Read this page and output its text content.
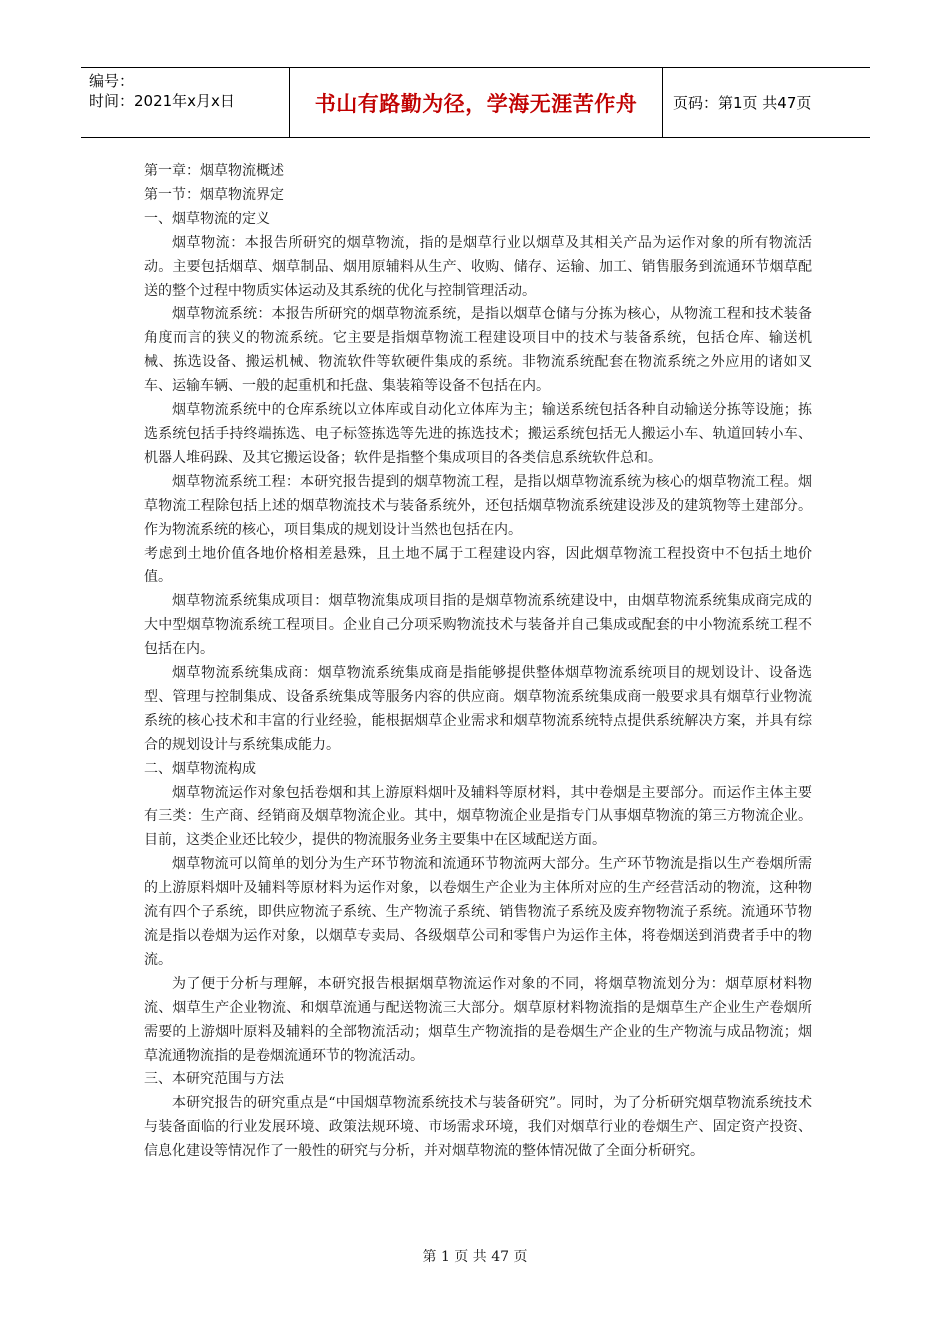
编号：
时间：2021年x月x日	书山有路勤为径，学海无涯苦作舟	页码：第1页 共47页

第一章：烟草物流概述

第一节：烟草物流界定

一、烟草物流的定义

烟草物流：本报告所研究的烟草物流，指的是烟草行业以烟草及其相关产品为运作对象的所有物流活动。主要包括烟草、烟草制品、烟用原辅料从生产、收购、储存、运输、加工、销售服务到流通环节烟草配送的整个过程中物质实体运动及其系统的优化与控制管理活动。

烟草物流系统：本报告所研究的烟草物流系统，是指以烟草仓储与分拣为核心，从物流工程和技术装备角度而言的狭义的物流系统。它主要是指烟草物流工程建设项目中的技术与装备系统，包括仓库、输送机械、拣选设备、搬运机械、物流软件等软硬件集成的系统。非物流系统配套在物流系统之外应用的诸如叉车、运输车辆、一般的起重机和托盘、集装箱等设备不包括在内。

烟草物流系统中的仓库系统以立体库或自动化立体库为主；输送系统包括各种自动输送分拣等设施；拣选系统包括手持终端拣选、电子标签拣选等先进的拣选技术；搬运系统包括无人搬运小车、轨道回转小车、机器人堆码跺、及其它搬运设备；软件是指整个集成项目的各类信息系统软件总和。

烟草物流系统工程：本研究报告提到的烟草物流工程，是指以烟草物流系统为核心的烟草物流工程。烟草物流工程除包括上述的烟草物流技术与装备系统外，还包括烟草物流系统建设涉及的建筑物等土建部分。作为物流系统的核心，项目集成的规划设计当然也包括在内。

考虑到土地价值各地价格相差悬殊，且土地不属于工程建设内容，因此烟草物流工程投资中不包括土地价值。

烟草物流系统集成项目：烟草物流集成项目指的是烟草物流系统建设中，由烟草物流系统集成商完成的大中型烟草物流系统工程项目。企业自己分项采购物流技术与装备并自己集成或配套的中小物流系统工程不包括在内。

烟草物流系统集成商：烟草物流系统集成商是指能够提供整体烟草物流系统项目的规划设计、设备选型、管理与控制集成、设备系统集成等服务内容的供应商。烟草物流系统集成商一般要求具有烟草行业物流系统的核心技术和丰富的行业经验，能根据烟草企业需求和烟草物流系统特点提供系统解决方案，并具有综合的规划设计与系统集成能力。

二、烟草物流构成

烟草物流运作对象包括卷烟和其上游原料烟叶及辅料等原材料，其中卷烟是主要部分。而运作主体主要有三类：生产商、经销商及烟草物流企业。其中，烟草物流企业是指专门从事烟草物流的第三方物流企业。目前，这类企业还比较少，提供的物流服务业务主要集中在区域配送方面。

烟草物流可以简单的划分为生产环节物流和流通环节物流两大部分。生产环节物流是指以生产卷烟所需的上游原料烟叶及辅料等原材料为运作对象，以卷烟生产企业为主体所对应的生产经营活动的物流，这种物流有四个子系统，即供应物流子系统、生产物流子系统、销售物流子系统及废弃物物流子系统。流通环节物流是指以卷烟为运作对象，以烟草专卖局、各级烟草公司和零售户为运作主体，将卷烟送到消费者手中的物流。

为了便于分析与理解，本研究报告根据烟草物流运作对象的不同，将烟草物流划分为：烟草原材料物流、烟草生产企业物流、和烟草流通与配送物流三大部分。烟草原材料物流指的是烟草生产企业生产卷烟所需要的上游烟叶原料及辅料的全部物流活动；烟草生产物流指的是卷烟生产企业的生产物流与成品物流；烟草流通物流指的是卷烟流通环节的物流活动。

三、本研究范围与方法

本研究报告的研究重点是“中国烟草物流系统技术与装备研究”。同时，为了分析研究烟草物流系统技术与装备面临的行业发展环境、政策法规环境、市场需求环境，我们对烟草行业的卷烟生产、固定资产投资、信息化建设等情况作了一般性的研究与分析，并对烟草物流的整体情况做了全面分析研究。

第 1 页 共 47 页
